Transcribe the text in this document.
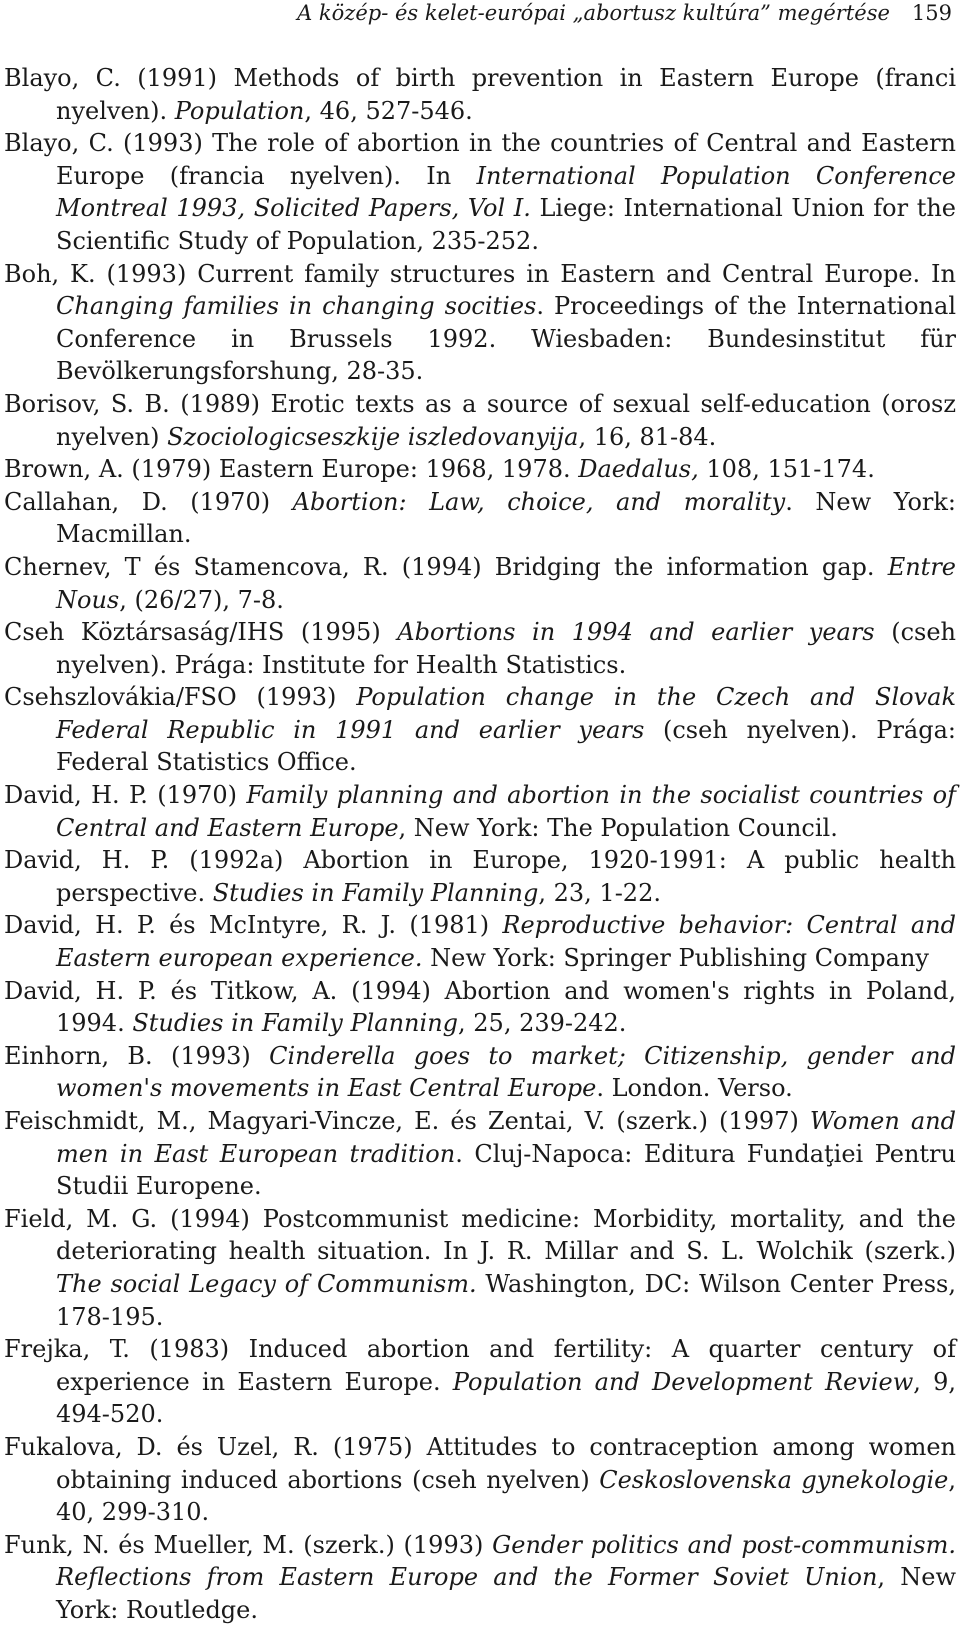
A közép- és kelet-európai „abortusz kultúra” megértése 159

Blayo, C. (1991) Methods of birth prevention in Eastern Europe (franci nyelven). Population, 46, 527-546.

Blayo, C. (1993) The role of abortion in the countries of Central and Eastern Europe (francia nyelven). In International Population Conference Montreal 1993, Solicited Papers, Vol I. Liege: International Union for the Scientific Study of Population, 235-252.

Boh, K. (1993) Current family structures in Eastern and Central Europe. In Changing families in changing socities. Proceedings of the International Conference in Brussels 1992. Wiesbaden: Bundesinstitut für Bevölkerungsforshung, 28-35.

Borisov, S. B. (1989) Erotic texts as a source of sexual self-education (orosz nyelven) Szociologicseszkije iszledovanyija, 16, 81-84.

Brown, A. (1979) Eastern Europe: 1968, 1978. Daedalus, 108, 151-174.

Callahan, D. (1970) Abortion: Law, choice, and morality. New York: Macmillan.

Chernev, T és Stamencova, R. (1994) Bridging the information gap. Entre Nous, (26/27), 7-8.

Cseh Köztársaság/IHS (1995) Abortions in 1994 and earlier years (cseh nyelven). Prága: Institute for Health Statistics.

Csehszlovákia/FSO (1993) Population change in the Czech and Slovak Federal Republic in 1991 and earlier years (cseh nyelven). Prága: Federal Statistics Office.

David, H. P. (1970) Family planning and abortion in the socialist countries of Central and Eastern Europe, New York: The Population Council.

David, H. P. (1992a) Abortion in Europe, 1920-1991: A public health perspective. Studies in Family Planning, 23, 1-22.

David, H. P. és McIntyre, R. J. (1981) Reproductive behavior: Central and Eastern european experience. New York: Springer Publishing Company

David, H. P. és Titkow, A. (1994) Abortion and women's rights in Poland, 1994. Studies in Family Planning, 25, 239-242.

Einhorn, B. (1993) Cinderella goes to market; Citizenship, gender and women's movements in East Central Europe. London. Verso.

Feischmidt, M., Magyari-Vincze, E. és Zentai, V. (szerk.) (1997) Women and men in East European tradition. Cluj-Napoca: Editura Fundaţiei Pentru Studii Europene.

Field, M. G. (1994) Postcommunist medicine: Morbidity, mortality, and the deteriorating health situation. In J. R. Millar and S. L. Wolchik (szerk.) The social Legacy of Communism. Washington, DC: Wilson Center Press, 178-195.

Frejka, T. (1983) Induced abortion and fertility: A quarter century of experience in Eastern Europe. Population and Development Review, 9, 494-520.

Fukalova, D. és Uzel, R. (1975) Attitudes to contraception among women obtaining induced abortions (cseh nyelven) Ceskoslovenska gynekologie, 40, 299-310.

Funk, N. és Mueller, M. (szerk.) (1993) Gender politics and post-communism. Reflections from Eastern Europe and the Former Soviet Union, New York: Routledge.
